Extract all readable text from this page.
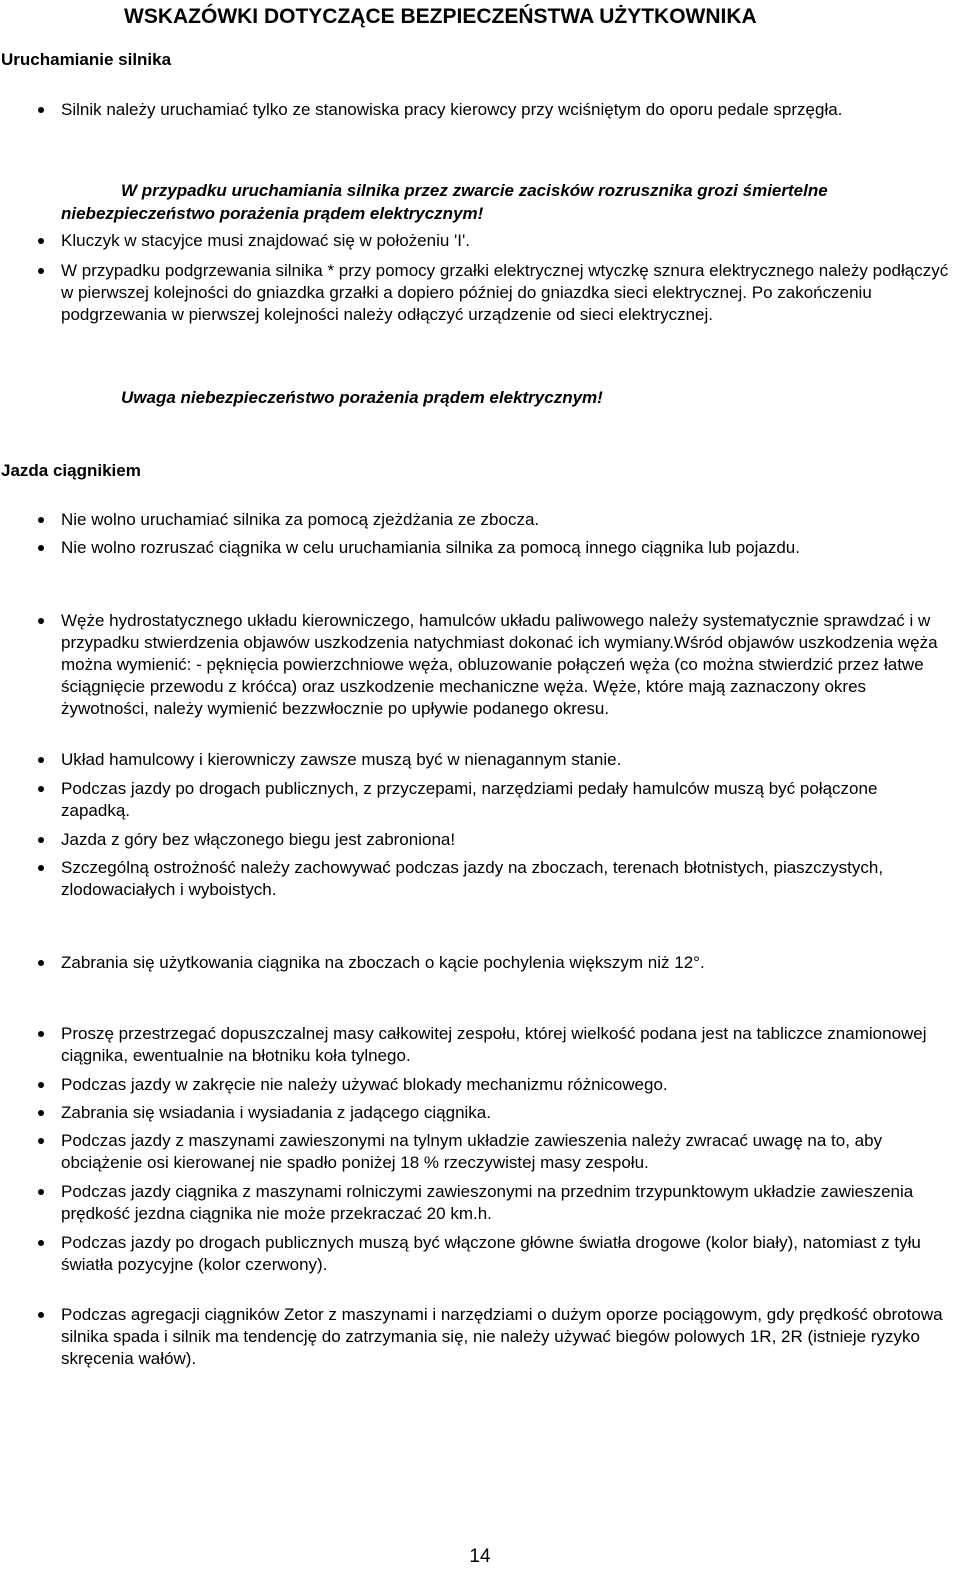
WSKAZÓWKI DOTYCZĄCE BEZPIECZEŃSTWA UŻYTKOWNIKA
Uruchamianie silnika
Silnik należy uruchamiać tylko ze stanowiska pracy kierowcy przy wciśniętym do oporu pedale sprzęgła.
W przypadku uruchamiania silnika przez zwarcie zacisków rozrusznika grozi śmiertelne
niebezpieczeństwo porażenia prądem elektrycznym!
Kluczyk w stacyjce musi znajdować się w położeniu 'I'.
W przypadku podgrzewania silnika * przy pomocy grzałki elektrycznej wtyczkę sznura elektrycznego należy podłączyć w pierwszej kolejności do gniazdka grzałki a dopiero później do gniazdka sieci elektrycznej. Po zakończeniu podgrzewania w pierwszej kolejności należy odłączyć urządzenie od sieci elektrycznej.
Uwaga niebezpieczeństwo porażenia prądem elektrycznym!
Jazda ciągnikiem
Nie wolno uruchamiać silnika za pomocą zjeżdżania ze zbocza.
Nie wolno rozruszać ciągnika w celu uruchamiania silnika za pomocą innego ciągnika lub pojazdu.
Węże hydrostatycznego układu kierowniczego, hamulców układu paliwowego należy systematycznie sprawdzać i w przypadku stwierdzenia objawów uszkodzenia natychmiast dokonać ich wymiany.Wśród objawów uszkodzenia węża można wymienić: - pęknięcia powierzchniowe węża, obluzowanie połączeń węża (co można stwierdzić przez łatwe ściągnięcie przewodu z króćca) oraz uszkodzenie mechaniczne węża. Węże, które mają zaznaczony okres żywotności, należy wymienić bezzwłocznie po upływie podanego okresu.
Układ hamulcowy i kierowniczy zawsze muszą być w nienagannym stanie.
Podczas jazdy po drogach publicznych, z przyczepami, narzędziami pedały hamulców muszą być połączone zapadką.
Jazda z góry bez włączonego biegu jest zabroniona!
Szczególną ostrożność należy zachowywać podczas jazdy na zboczach, terenach błotnistych, piaszczystych, zlodowaciałych i wyboistych.
Zabrania się użytkowania ciągnika na zboczach o kącie pochylenia większym niż 12°.
Proszę przestrzegać dopuszczalnej masy całkowitej zespołu, której wielkość podana jest na tabliczce znamionowej ciągnika, ewentualnie na błotniku koła tylnego.
Podczas jazdy w zakręcie nie należy używać blokady mechanizmu różnicowego.
Zabrania się wsiadania i wysiadania z jadącego ciągnika.
Podczas jazdy z maszynami zawieszonymi na tylnym układzie zawieszenia należy zwracać uwagę na to, aby obciążenie osi kierowanej nie spadło poniżej 18 % rzeczywistej masy zespołu.
Podczas jazdy ciągnika z maszynami rolniczymi zawieszonymi na przednim trzypunktowym układzie zawieszenia prędkość jezdna ciągnika nie może przekraczać 20 km.h.
Podczas jazdy po drogach publicznych muszą być włączone główne światła drogowe (kolor biały), natomiast z tyłu światła pozycyjne (kolor czerwony).
Podczas agregacji ciągników Zetor z maszynami i narzędziami o dużym oporze pociągowym, gdy prędkość obrotowa silnika spada i silnik ma tendencję do zatrzymania się, nie należy używać biegów polowych 1R, 2R (istnieje ryzyko skręcenia wałów).
14
